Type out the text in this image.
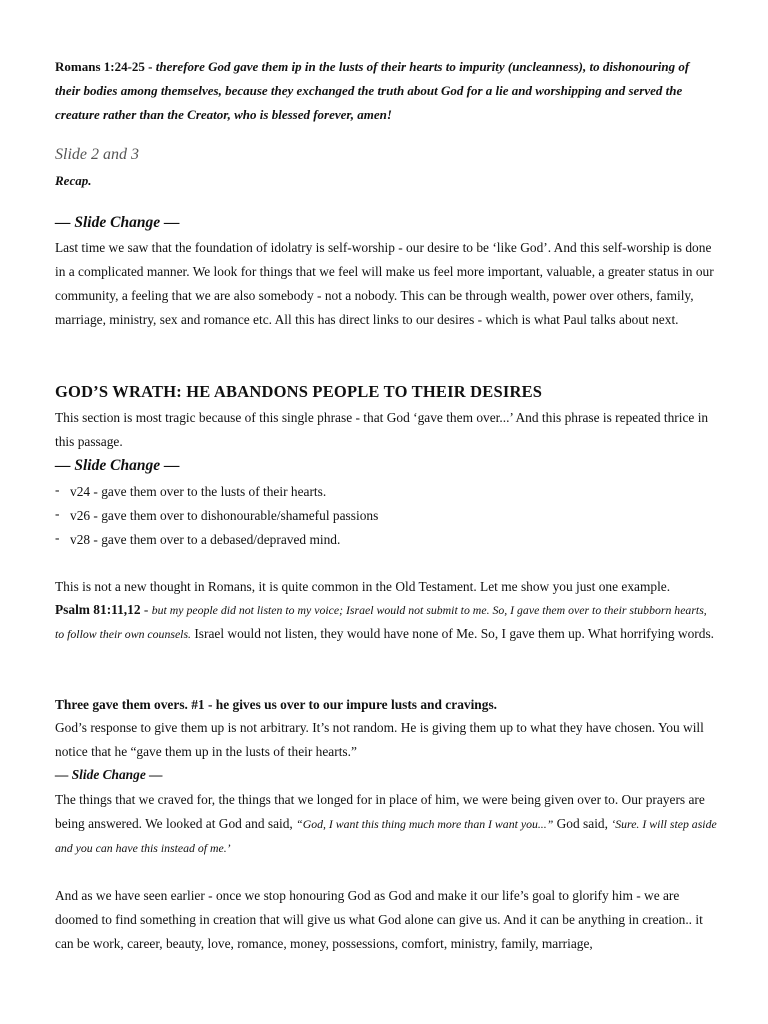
Romans 1:24-25 - therefore God gave them ip in the lusts of their hearts to impurity (uncleanness), to dishonouring of their bodies among themselves, because they exchanged the truth about God for a lie and worshipping and served the creature rather than the Creator, who is blessed forever, amen!

Slide 2 and 3
Recap.
— Slide Change —

Last time we saw that the foundation of idolatry is self-worship - our desire to be ‘like God’. And this self-worship is done in a complicated manner. We look for things that we feel will make us feel more important, valuable, a greater status in our community, a feeling that we are also somebody - not a nobody. This can be through wealth, power over others, family, marriage, ministry, sex and romance etc. All this has direct links to our desires - which is what Paul talks about next.

GOD’S WRATH: HE ABANDONS PEOPLE TO THEIR DESIRES

This section is most tragic because of this single phrase - that God ‘gave them over...’ And this phrase is repeated thrice in this passage.

— Slide Change —
- v24 - gave them over to the lusts of their hearts.
- v26 - gave them over to dishonourable/shameful passions
- v28 - gave them over to a debased/depraved mind.

This is not a new thought in Romans, it is quite common in the Old Testament. Let me show you just one example.

Psalm 81:11,12 - but my people did not listen to my voice; Israel would not submit to me. So, I gave them over to their stubborn hearts, to follow their own counsels. Israel would not listen, they would have none of Me. So, I gave them up. What horrifying words.

Three gave them overs. #1 - he gives us over to our impure lusts and cravings.

God’s response to give them up is not arbitrary. It’s not random. He is giving them up to what they have chosen. You will notice that he “gave them up in the lusts of their hearts.”

— Slide Change —

The things that we craved for, the things that we longed for in place of him, we were being given over to. Our prayers are being answered. We looked at God and said, “God, I want this thing much more than I want you...” God said, ‘Sure. I will step aside and you can have this instead of me.’

And as we have seen earlier - once we stop honouring God as God and make it our life’s goal to glorify him - we are doomed to find something in creation that will give us what God alone can give us. And it can be anything in creation.. it can be work, career, beauty, love, romance, money, possessions, comfort, ministry, family, marriage,
